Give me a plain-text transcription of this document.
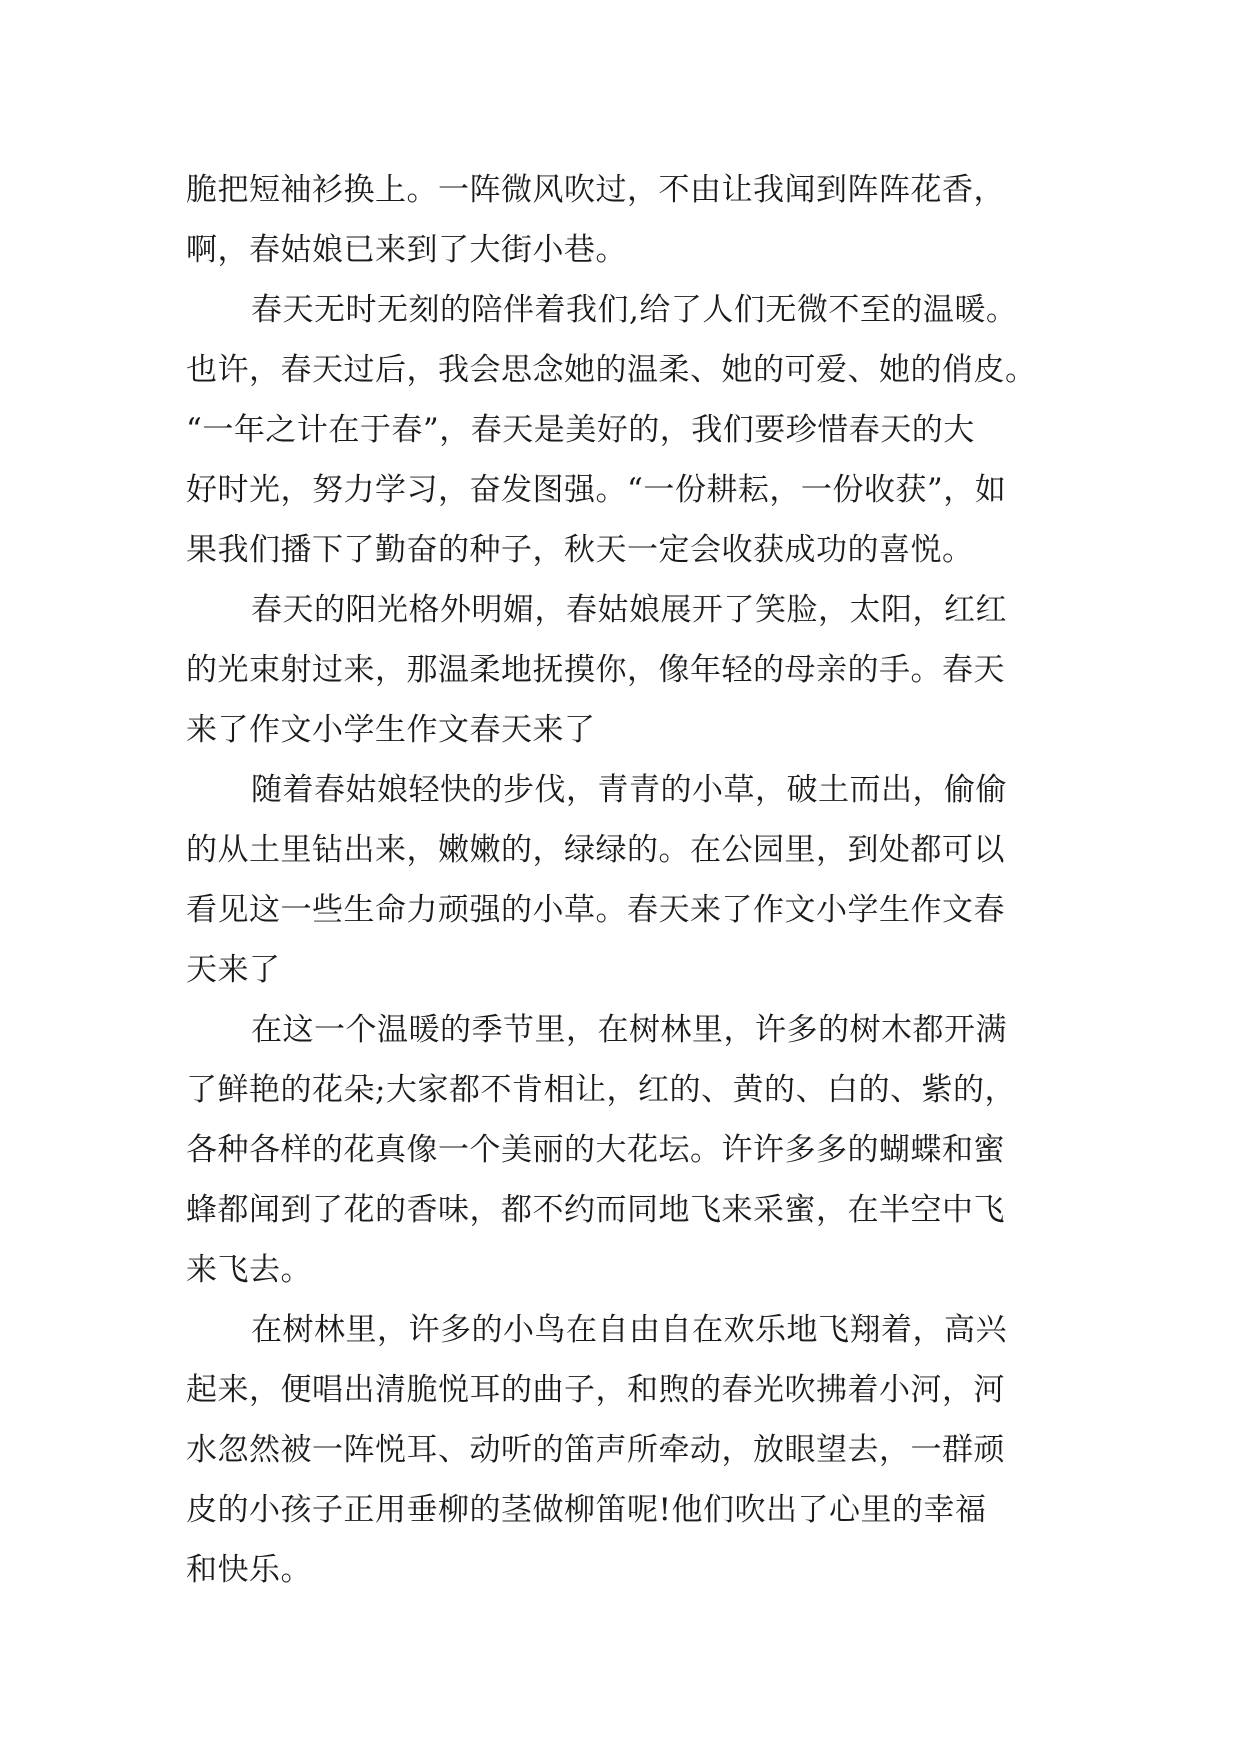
脆把短袖衫换上。一阵微风吹过，不由让我闻到阵阵花香，
啊，春姑娘已来到了大街小巷。
春天无时无刻的陪伴着我们,给了人们无微不至的温暖。
也许，春天过后，我会思念她的温柔、她的可爱、她的俏皮。
“一年之计在于春”，春天是美好的，我们要珍惜春天的大
好时光，努力学习，奋发图强。“一份耕耘，一份收获”，如
果我们播下了勤奋的种子，秋天一定会收获成功的喜悦。
春天的阳光格外明媚，春姑娘展开了笑脸，太阳，红红
的光束射过来，那温柔地抚摸你，像年轻的母亲的手。春天
来了作文小学生作文春天来了
随着春姑娘轻快的步伐，青青的小草，破土而出，偷偷
的从土里钻出来，嫩嫩的，绿绿的。在公园里，到处都可以
看见这一些生命力顽强的小草。春天来了作文小学生作文春
天来了
在这一个温暖的季节里，在树林里，许多的树木都开满
了鲜艳的花朵;大家都不肯相让，红的、黄的、白的、紫的，
各种各样的花真像一个美丽的大花坛。许许多多的蝴蝶和蜜
蜂都闻到了花的香味，都不约而同地飞来采蜜，在半空中飞
来飞去。
在树林里，许多的小鸟在自由自在欢乐地飞翔着，高兴
起来，便唱出清脆悦耳的曲子，和煦的春光吹拂着小河，河
水忽然被一阵悦耳、动听的笛声所牵动，放眼望去，一群顽
皮的小孩子正用垂柳的茎做柳笛呢!他们吹出了心里的幸福
和快乐。
